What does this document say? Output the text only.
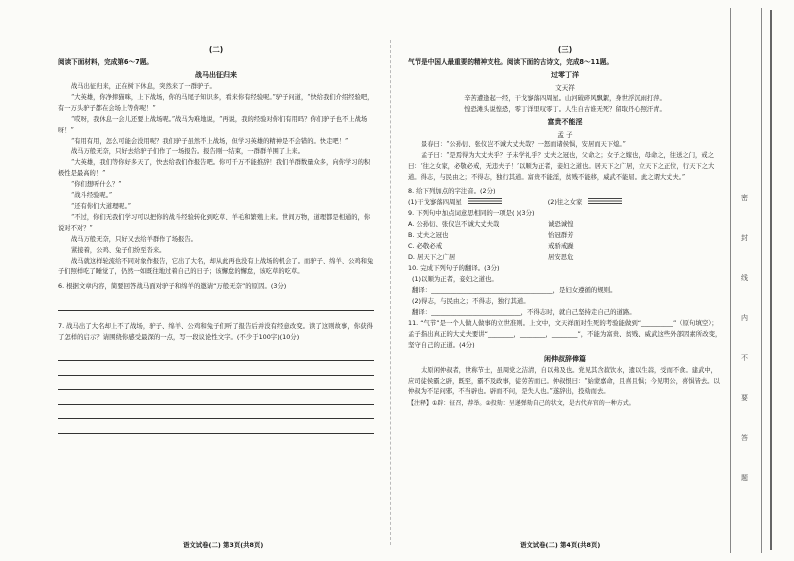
(二)
阅读下面材料，完成第6～7题。
战马出征归来

战马出征归来，正在树下休息，突然来了一群驴子。

“大英雄，你净摔猫咪，上下战场，你的马尾子知识多，看来你有经验呢。”驴子问道，“快给我们介绍经验吧，有一万头驴子都在会场上等你呢！”

“哎呀，我休息一会儿还要上战场呢。”战马为难地说，“再说，我的经验对你们有用吗？你们驴子也不上战场呀！”

“有用有用，怎么可能会没用呢？我们驴子虽然不上战场，但学习英雄的精神是不会错的。快走吧！”

战马万般无奈，只好去给驴子们作了一场报告。报告刚一结束，一群群羊围了上来。

“大英雄，我们等你好多天了，快去给我们作报告吧。你可千万不能推辞！我们羊群数量众多，向你学习的积极性是最高的！”

“你们想听什么？”

“战斗经验呢。”

“还有你们大道理呢。”

“不过，你们无我们学习可以把你的战斗经验转化到吃草、羊毛和繁殖上来。世间万物，道理都是相通的，你说对不对？”

战马万般无奈，只好又去给羊群作了场报告。

紧接着，公鸡、兔子们纷至沓来。

战马就这样轮流给不同对象作报告，它出了大名，却从此再也没有上战场的机会了。而驴子、绵羊、公鸡和兔子们照样吃了睡觉了，仍然一如既往地过着自己的日子；该懈怠的懈怠，该吃草的吃草。

6. 根据文章内容，简要回答战马面对驴子和绵羊的邀请“万般无奈”的原因。(3分)

7. 战马出了大名却上不了战场，驴子、绵羊、公鸡和兔子们听了报告后并没有经意改变。读了这则故事，你获得了怎样的启示？请围绕你感受最深的一点，写一段议论性文字。(不少于100字)(10分)

(三)
气节是中国人最重要的精神支柱。阅读下面的古诗文，完成8～11题。
过零丁洋
文天祥

辛苦遭逢起一经，干戈寥落四周星。山河破碎风飘絮，身世浮沉雨打萍。

惶恐滩头说惶恐，零丁洋里叹零丁。人生自古谁无死？留取丹心照汗青。

富贵不能淫
孟 子

景春曰：“公孙衍、张仪岂不诚大丈夫哉？一怒而诸侯惧，安居而天下熄。”

孟子曰：“是焉得为大丈夫乎？子未学礼乎？丈夫之冠也，父命之；女子之嫁也，母命之，往送之门，戒之曰：‘往之女家，必敬必戒，无违夫子！’以顺为正者，妾妇之道也。居天下之广居，立天下之正位，行天下之大道。得志，与民由之；不得志，独行其道。富贵不能淫，贫贱不能移，威武不能屈。此之谓大丈夫。”

8. 给下列加点的字注音。(2分)

(1)干戈寥落四周星	(2)往之女家

9. 下列句中加点词意思相同的一项是( )(3分)

A. 公孙衍、张仪岂不诚大丈夫哉	诚恐诚惶
B. 丈夫之冠也	怡冠群芳
C. 必敬必戒	戒骄戒躁
D. 居天下之广居	居安思危

10. 完成下列句子的翻译。(3分)

(1)以顺为正者，妾妇之道也。

翻译：______________________________________，是妇女遵循的规则。

(2)得志，与民由之；不得志，独行其道。

翻译：____________________________，不得志时，就自己坚持走自己的道路。

11. “气节”是一个人做人做事的立世准则。上文中，文天祥面对生死的考验能做到“__________”（原句填空）；孟子指出真正的大丈夫要讲“________，________，________”，不能为富贵、贫贱、威武这些外部因素所改变，坚守自己的正道。(4分)

闲伸叔辞俸篇

太原闲仲叔者，世称节士，虽周党之洁清，自以弗及也。党见其含菽饮水，遗以生蒜，受而不食。建武中，应司徒侯霸之辟，既至，霸不及政事，徒劳苦而已。仲叔恨曰：“始蒙嘉命，且喜且惧；今见明公，喜惧皆去。以仲叔为不足问邪，不当辟也。辟而不问，是失人也。”遂辞出，投劾而去。

【注释】①辟：征召，荐举。②投劾：呈递弹劾自己的状文，是古代弃官的一种方式。

语文试卷(二) 第3页(共8页)	语文试卷(二) 第4页(共8页)
密
封
线
内
不
要
答
题
